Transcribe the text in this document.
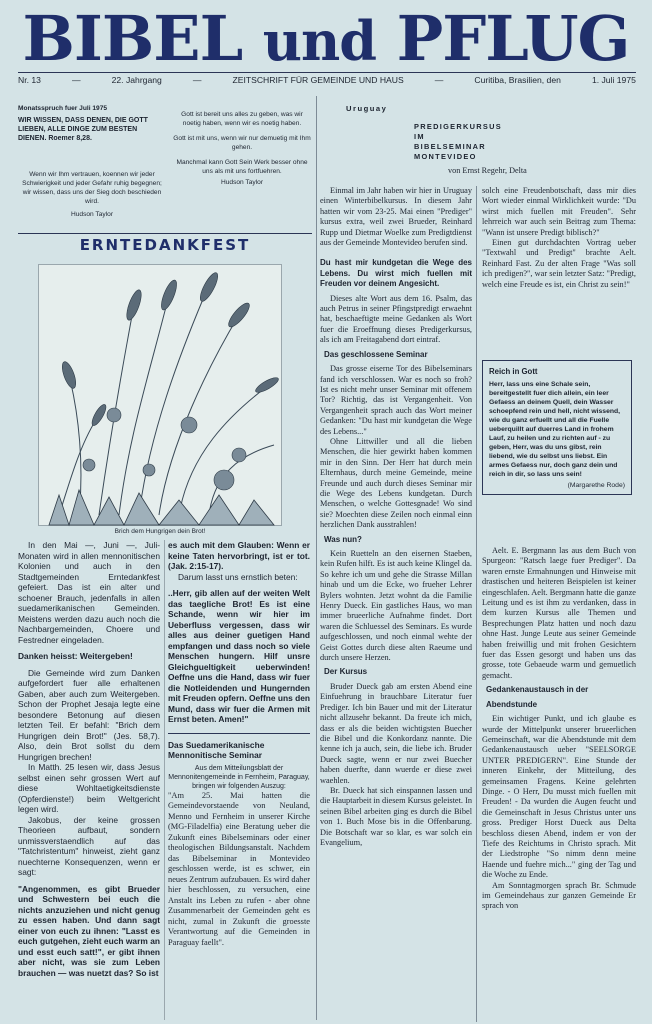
BIBEL und PFLUG
Nr. 13	—	22. Jahrgang	—	ZEITSCHRIFT FÜR GEMEINDE UND HAUS	—	Curitiba, Brasilien, den	1. Juli 1975
Monatsspruch fuer Juli 1975
WIR WISSEN, DASS DENEN, DIE GOTT LIEBEN, ALLE DINGE ZUM BESTEN DIENEN. Roemer 8,28.
Wenn wir Ihm vertrauen, koennen wir jeder Schwierigkeit und jeder Gefahr ruhig begegnen; wir wissen, dass uns der Sieg doch beschieden wird.
Hudson Taylor
Gott ist bereit uns alles zu geben, was wir noetig haben, wenn wir es noetig haben.
Gott ist mit uns, wenn wir nur demuetig mit Ihm gehen.
Manchmal kann Gott Sein Werk besser ohne uns als mit uns fortfuehren.
Hudson Taylor
ERNTEDANKFEST
Brich dem Hungrigen dein Brot!

In den Mai —, Juni —, Juli-Monaten wird in allen mennonitischen Kolonien und auch in den Stadtgemeinden Erntedankfest gefeiert. Das ist ein alter und schoener Brauch, jedenfalls in allen suedamerikanischen Gemeinden. Meistens werden dazu auch noch die Nachbargemeinden, Choere und Festredner eingeladen.

Danken heisst: Weitergeben!

Die Gemeinde wird zum Danken aufgefordert fuer alle erhaltenen Gaben, aber auch zum Weitergeben. Schon der Prophet Jesaja legte eine besondere Betonung auf diesen letzten Teil. Er befahl: "Brich dem Hungrigen dein Brot!" (Jes. 58,7). Also, dein Brot sollst du dem Hungrigen brechen!

In Matth. 25 lesen wir, dass Jesus selbst einen sehr grossen Wert auf diese Wohltaetigkeitsdienste (Opferdienste!) beim Weltgericht legen wird.

Jakobus, der keine grossen Theorieen aufbaut, sondern unmissverstaendlich auf das "Tatchristentum" hinweist, zieht ganz nuechterne Konsequenzen, wenn er sagt:

"Angenommen, es gibt Brueder und Schwestern bei euch die nichts anzuziehen und nicht genug zu essen haben. Und dann sagt einer von euch zu ihnen: "Lasst es euch gutgehen, zieht euch warm an und esst euch satt!", er gibt ihnen aber nicht, was sie zum Leben brauchen — was nuetzt das? So ist

es auch mit dem Glauben: Wenn er keine Taten hervorbringt, ist er tot. (Jak. 2:15-17).

Darum lasst uns ernstlich beten:

..Herr, gib allen auf der weiten Welt das taegliche Brot! Es ist eine Schande, wenn wir hier im Ueberfluss vergessen, dass wir alles aus deiner guetigen Hand empfangen und dass noch so viele Menschen hungern. Hilf unsre Gleichgueltigkeit ueberwinden! Oeffne uns die Hand, dass wir fuer die Notleidenden und Hungernden mit Freuden opfern. Oeffne uns den Mund, dass wir fuer die Armen mit Ernst beten. Amen!"

Das Suedamerikanische

Mennonitische Seminar

Aus dem Mitteilungsblatt der Mennonitengemeinde in Fernheim, Paraguay, bringen wir folgenden Auszug:

"Am 25. Mai hatten die Gemeindevorstaende von Neuland, Menno und Fernheim in unserer Kirche (MG-Filadelfia) eine Beratung ueber die Zukunft eines Bibelseminars oder einer theologischen Bildungsanstalt. Nachdem das Bibelseminar in Montevideo geschlossen werde, ist es schwer, ein neues Zentrum aufzubauen. Es wird daher hier beschlossen, zu versuchen, eine Anstalt ins Leben zu rufen - aber ohne Zusammenarbeit der Gemeinden geht es nicht, zumal in Zukunft die groesste Verantwortung auf die Gemeinden in Paraguay faellt".

Uruguay
PREDIGERKURSUS
IM
BIBELSEMINAR
MONTEVIDEO
von Ernst Regehr, Delta

Einmal im Jahr haben wir hier in Uruguay einen Winterbibelkursus. In diesem Jahr hatten wir vom 23-25. Mai einen "Prediger" kursus extra, weil zwei Brueder, Reinhard Rupp und Dietmar Woelke zum Predigtdienst aus der Gemeinde Montevideo berufen sind.

Du hast mir kundgetan die Wege des Lebens. Du wirst mich fuellen mit Freuden vor deinem Angesicht.

Dieses alte Wort aus dem 16. Psalm, das auch Petrus in seiner Pfingstpredigt erwaehnt hat, beschaeftigte meine Gedanken als Wort fuer die Eroeffnung dieses Predigerkursus, als ich am Freitagabend dort eintraf.

Das geschlossene Seminar

Das grosse eiserne Tor des Bibelseminars fand ich verschlossen. War es noch so froh? Ist es nicht mehr unser Seminar mit offenem Tor? Richtig, das ist Vergangenheit. Von Vergangenheit sprach auch das Wort meiner Gedanken: "Du hast mir kundgetan die Wege des Lebens..."

Ohne Littwiller und all die lieben Menschen, die hier gewirkt haben kommen mir in den Sinn. Der Herr hat durch mein Elternhaus, durch meine Gemeinde, meine Freunde und auch durch dieses Seminar mir die Wege des Lebens kundgetan. Durch Menschen, o welche Gottesgnade! Wo sind sie? Moechten diese Zeilen noch einmal einn herzlichen Dank ausstrahlen!

Was nun?

Kein Ruetteln an den eisernen Staeben, kein Rufen hilft. Es ist auch keine Klingel da. So kehre ich um und gehe die Strasse Millan hinab und um die Ecke, wo frueher Lehrer Bylers wohnten. Jetzt wohnt da die Familie Henry Dueck. Ein gastliches Haus, wo man immer brueerliche Aufnahme findet. Dort waren die Schluessel des Seminars. Es wurde aufgeschlossen, und noch einmal wehte der Geist Gottes durch diese alten Raeume und durch unsere Herzen.

Der Kursus

Bruder Dueck gab am ersten Abend eine Einfuehrung in brauchbare Literatur fuer Prediger. Ich bin Bauer und mit der Literatur nicht allzusehr bekannt. Da freute ich mich, dass er als die beiden wichtigsten Buecher die Bibel und die Konkordanz nannte. Die kenne ich ja auch, sein, die liebe ich. Bruder Dueck sagte, wenn er nur zwei Buecher haben duerfte, dann wuerde er diese zwei waehlen.

Br. Dueck hat sich einspannen lassen und die Hauptarbeit in diesem Kursus geleistet. In seinen Bibel arbeiten ging es durch die Bibel von 1. Buch Mose bis in die Offenbarung. Die Botschaft war so klar, es war solch ein Evangelium,

solch eine Freudenbotschaft, dass mir dies Wort wieder einmal Wirklichkeit wurde: "Du wirst mich fuellen mit Freuden". Sehr lehrreich war auch sein Beitrag zum Thema: "Wann ist unsere Predigt biblisch?"

Einen gut durchdachten Vortrag ueber "Textwahl und Predigt" brachte Aelt. Reinhard Fast. Zu der alten Frage "Was soll ich predigen?", war sein letzter Satz: "Predigt, welch eine Freude es ist, ein Christ zu sein!"

Reich in Gott
Herr, lass uns eine Schale sein, bereitgestellt fuer dich allein, ein leer Gefaess an deinem Quell, dein Wasser schoepfend rein und hell, nicht wissend, wie du ganz erfuellt und all die Fuelle ueberquillt auf duerres Land in frohem Lauf, zu heilen und zu richten auf - zu geben, Herr, was du uns gibst, rein liebend, wie du selbst uns liebst. Ein armes Gefaess nur, doch ganz dein und reich in dir, so lass uns sein!
(Margarethe Rode)

Aelt. E. Bergmann las aus dem Buch von Spurgeon: "Ratsch laege fuer Prediger". Da waren ernste Ermahnungen und Hinweise mit drastischen und heiteren Beispielen ist keiner eingeschlafen. Aelt. Bergmann hatte die ganze Leitung und es ist ihm zu verdanken, dass in dem kurzen Kursus alle Themen und Besprechungen Platz hatten und noch dazu ohne Hast. Junge Leute aus seiner Gemeinde haben freiwillig und mit frohen Gesichtern fuer das Essen gesorgt und haben uns das grosse, tote Gebaeude warm und gemuetlich gemacht.

Gedankenaustausch in der

Abendstunde

Ein wichtiger Punkt, und ich glaube es wurde der Mittelpunkt unserer brueerlichen Gemeinschaft, war die Abendstunde mit dem Gedankenaustausch ueber "SEELSORGE UNTER PREDIGERN". Eine Stunde der inneren Einkehr, der Mitteilung, des gemeinsamen Fragens. Keine gelehrten Dinge. - O Herr, Du musst mich fuellen mit Freuden! - Da wurden die Augen feucht und die Gemeinschaft in Jesus Christus unter uns gross. Prediger Horst Dueck aus Delta beschloss diesen Abend, indem er von der Tiefe des Reichtums in Christo sprach. Mit der Liedstrophe "So nimm denn meine Haende und fuehre mich..." ging der Tag und die Woche zu Ende.

Am Sonntagmorgen sprach Br. Schmude im Gemeindehaus zur ganzen Gemeinde Er sprach von
